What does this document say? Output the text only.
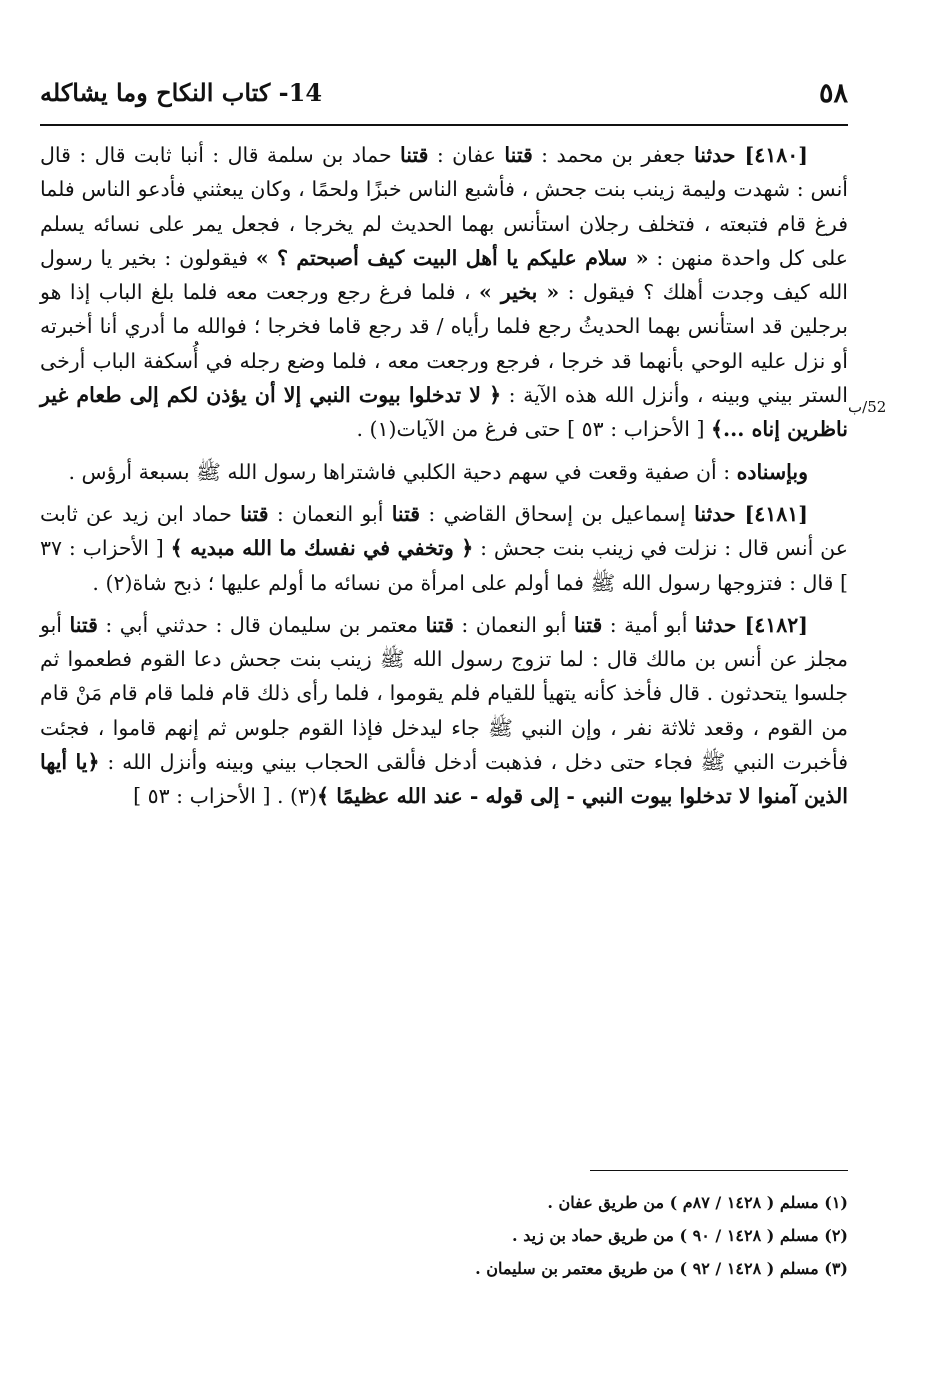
٥٨
14- كتاب النكاح وما يشاكله
52/ب

[٤١٨٠] حدثنا جعفر بن محمد : قتنا عفان : قتنا حماد بن سلمة قال : أنبا ثابت قال : قال أنس : شهدت وليمة زينب بنت جحش ، فأشبع الناس خبزًا ولحمًا ، وكان يبعثني فأدعو الناس فلما فرغ قام فتبعته ، فتخلف رجلان استأنس بهما الحديث لم يخرجا ، فجعل يمر على نسائه يسلم على كل واحدة منهن : « سلام عليكم يا أهل البيت كيف أصبحتم ؟ » فيقولون : بخير يا رسول الله كيف وجدت أهلك ؟ فيقول : « بخير » ، فلما فرغ رجع ورجعت معه فلما بلغ الباب إذا هو برجلين قد استأنس بهما الحديثُ رجع فلما رأياه / قد رجع قاما فخرجا ؛ فوالله ما أدري أنا أخبرته أو نزل عليه الوحي بأنهما قد خرجا ، فرجع ورجعت معه ، فلما وضع رجله في أُسكفة الباب أرخى الستر بيني وبينه ، وأنزل الله هذه الآية : ﴿ لا تدخلوا بيوت النبي إلا أن يؤذن لكم إلى طعام غير ناظرين إناه ...﴾ [ الأحزاب : ٥٣ ] حتى فرغ من الآيات(١) .

وبإسناده : أن صفية وقعت في سهم دحية الكلبي فاشتراها رسول الله ﷺ بسبعة أرؤس .

[٤١٨١] حدثنا إسماعيل بن إسحاق القاضي : قتنا أبو النعمان : قتنا حماد ابن زيد عن ثابت عن أنس قال : نزلت في زينب بنت جحش : ﴿ وتخفي في نفسك ما الله مبديه ﴾ [ الأحزاب : ٣٧ ] قال : فتزوجها رسول الله ﷺ فما أولم على امرأة من نسائه ما أولم عليها ؛ ذبح شاة(٢) .

[٤١٨٢] حدثنا أبو أمية : قتنا أبو النعمان : قتنا معتمر بن سليمان قال : حدثني أبي : قتنا أبو مجلز عن أنس بن مالك قال : لما تزوج رسول الله ﷺ زينب بنت جحش دعا القوم فطعموا ثم جلسوا يتحدثون . قال فأخذ كأنه يتهيأ للقيام فلم يقوموا ، فلما رأى ذلك قام فلما قام قام مَنْ قام من القوم ، وقعد ثلاثة نفر ، وإن النبي ﷺ جاء ليدخل فإذا القوم جلوس ثم إنهم قاموا ، فجئت فأخبرت النبي ﷺ فجاء حتى دخل ، فذهبت أدخل فألقى الحجاب بيني وبينه وأنزل الله : ﴿يا أيها الذين آمنوا لا تدخلوا بيوت النبي - إلى قوله - عند الله عظيمًا ﴾(٣) . [ الأحزاب : ٥٣ ]

(١) مسلم ( ١٤٢٨ / ٨٧م ) من طريق عفان .

(٢) مسلم ( ١٤٢٨ / ٩٠ ) من طريق حماد بن زيد .

(٣) مسلم ( ١٤٢٨ / ٩٢ ) من طريق معتمر بن سليمان .
